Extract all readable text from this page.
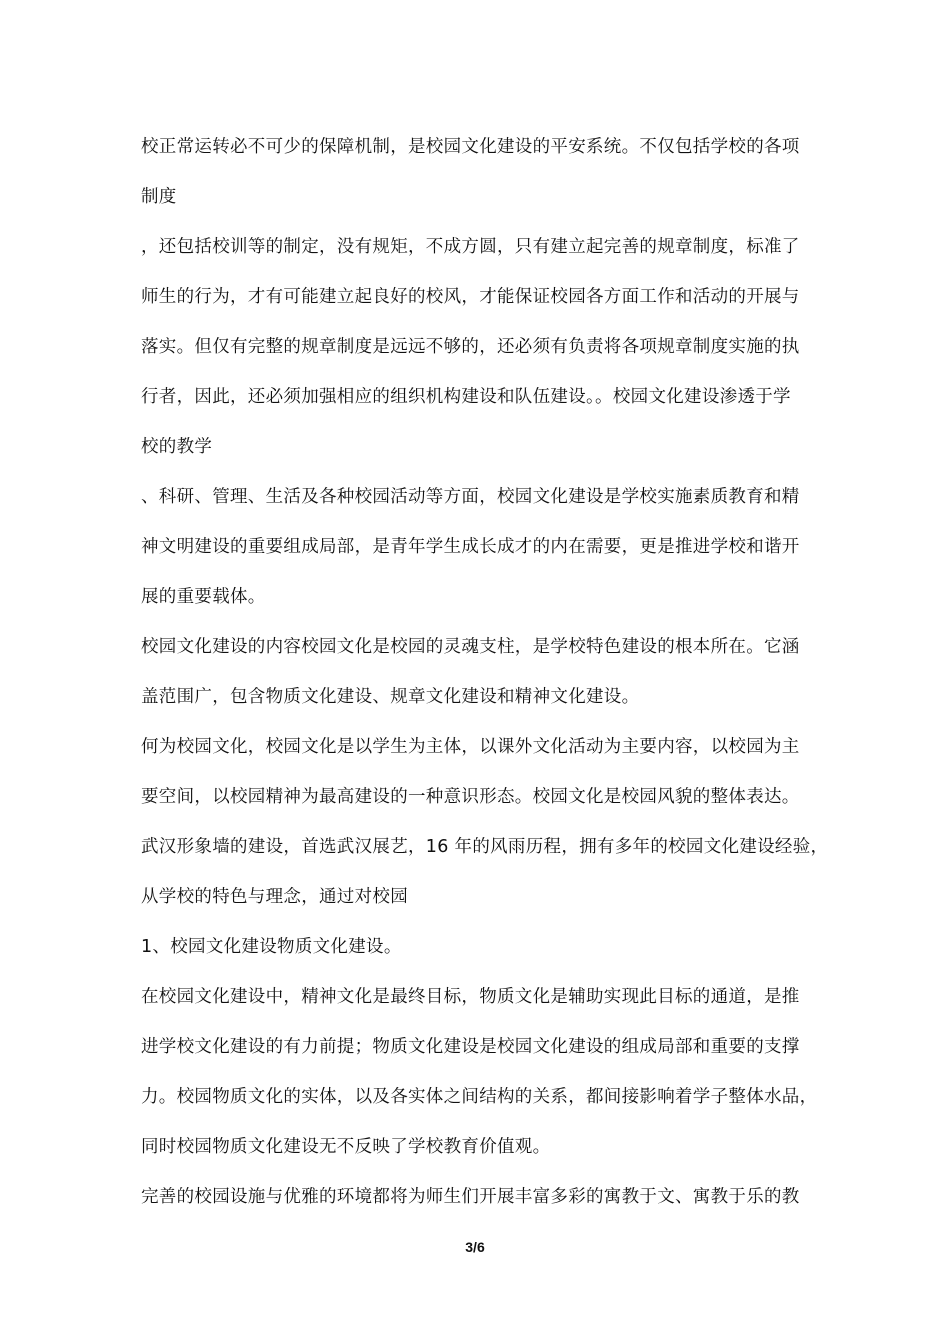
校正常运转必不可少的保障机制，是校园文化建设的平安系统。不仅包括学校的各项
制度
，还包括校训等的制定，没有规矩，不成方圆，只有建立起完善的规章制度，标准了
师生的行为，才有可能建立起良好的校风，才能保证校园各方面工作和活动的开展与
落实。但仅有完整的规章制度是远远不够的，还必须有负责将各项规章制度实施的执
行者，因此，还必须加强相应的组织机构建设和队伍建设。。校园文化建设渗透于学
校的教学
、科研、管理、生活及各种校园活动等方面，校园文化建设是学校实施素质教育和精
神文明建设的重要组成局部，是青年学生成长成才的内在需要，更是推进学校和谐开
展的重要载体。
校园文化建设的内容校园文化是校园的灵魂支柱，是学校特色建设的根本所在。它涵
盖范围广，包含物质文化建设、规章文化建设和精神文化建设。
何为校园文化，校园文化是以学生为主体，以课外文化活动为主要内容，以校园为主
要空间，以校园精神为最高建设的一种意识形态。校园文化是校园风貌的整体表达。
武汉形象墙的建设，首选武汉展艺，16 年的风雨历程，拥有多年的校园文化建设经验，
从学校的特色与理念，通过对校园
1、校园文化建设物质文化建设。
在校园文化建设中，精神文化是最终目标，物质文化是辅助实现此目标的通道，是推
进学校文化建设的有力前提；物质文化建设是校园文化建设的组成局部和重要的支撑
力。校园物质文化的实体，以及各实体之间结构的关系，都间接影响着学子整体水品，
同时校园物质文化建设无不反映了学校教育价值观。
完善的校园设施与优雅的环境都将为师生们开展丰富多彩的寓教于文、寓教于乐的教
3/6
